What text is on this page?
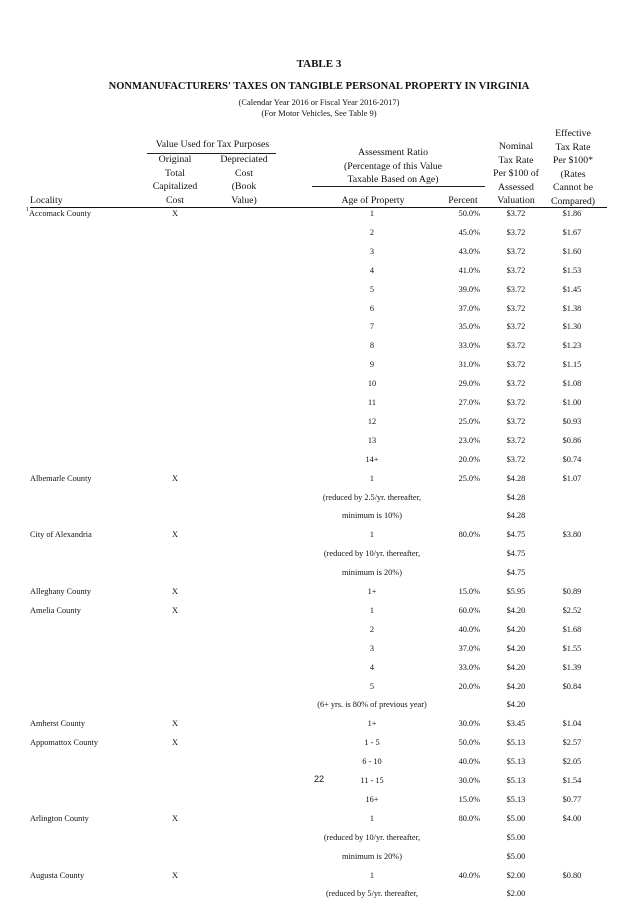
TABLE 3
NONMANUFACTURERS' TAXES ON TANGIBLE PERSONAL PROPERTY IN VIRGINIA
(Calendar Year 2016 or Fiscal Year 2016-2017)
(For Motor Vehicles, See Table 9)
Value Used for Tax Purposes
Original
Total
Capitalized
Cost
Depreciated
Cost
(Book
Value)
Assessment Ratio
(Percentage of this Value
Taxable Based on Age)
Nominal
Tax Rate
Per $100 of
Assessed
Valuation
Effective
Tax Rate
Per $100*
(Rates
Cannot be
Compared)
Locality	Age of Property	Percent
$^1$Accomack County	X	1	50.0%	$3.72	$1.86
2	45.0%	$3.72	$1.67
3	43.0%	$3.72	$1.60
4	41.0%	$3.72	$1.53
5	39.0%	$3.72	$1.45
6	37.0%	$3.72	$1.38
7	35.0%	$3.72	$1.30
8	33.0%	$3.72	$1.23
9	31.0%	$3.72	$1.15
10	29.0%	$3.72	$1.08
11	27.0%	$3.72	$1.00
12	25.0%	$3.72	$0.93
13	23.0%	$3.72	$0.86
14+	20.0%	$3.72	$0.74
Albemarle County	X	1	25.0%	$4.28	$1.07
(reduced by 2.5/yr. thereafter,	$4.28
minimum is 10%)	$4.28
City of Alexandria	X	1	80.0%	$4.75	$3.80
(reduced by 10/yr. thereafter,	$4.75
minimum is 20%)	$4.75
Alleghany County	X	1+	15.0%	$5.95	$0.89
Amelia County	X	1	60.0%	$4.20	$2.52
2	40.0%	$4.20	$1.68
3	37.0%	$4.20	$1.55
4	33.0%	$4.20	$1.39
5	20.0%	$4.20	$0.84
(6+ yrs. is 80% of previous year)	$4.20
Amherst County	X	1+	30.0%	$3.45	$1.04
Appomattox County	X	1 - 5	50.0%	$5.13	$2.57
6 - 10	40.0%	$5.13	$2.05
11 - 15	30.0%	$5.13	$1.54
16+	15.0%	$5.13	$0.77
Arlington County	X	1	80.0%	$5.00	$4.00
(reduced by 10/yr. thereafter,	$5.00
minimum is 20%)	$5.00
Augusta County	X	1	40.0%	$2.00	$0.80
(reduced by 5/yr. thereafter,	$2.00
22
